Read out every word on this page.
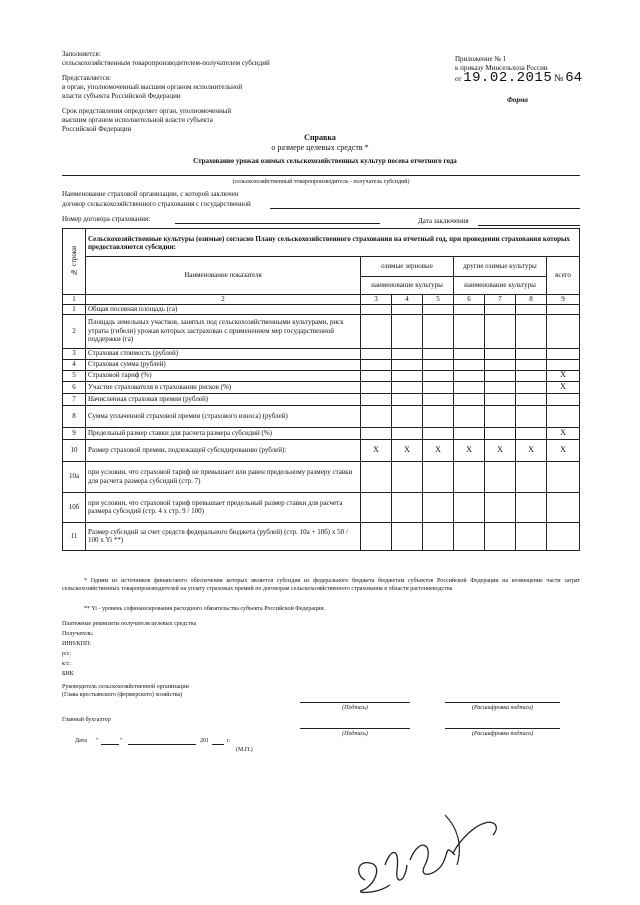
Заполняется:
сельскохозяйственным товаропроизводителем-получателем субсидий
Представляется:
в орган, уполномоченный высшим органом исполнительной
власти субъекта Российской Федерации
Срок представления определяет орган, уполномоченный
высшим органом исполнительной власти субъекта
Российской Федерации
Приложение № 1
к приказу Минсельхоза России
от 19.02.2015 № 64
Форма
Справка
о размере целевых средств *
Страхование урожая озимых сельскохозяйственных культур посева отчетного года
(сельскохозяйственный товаропроизводитель - получатель субсидий)
Наименование страховой организации, с которой заключен
договор сельскохозяйственного страхования с государственной
Номер договора страхования:	Дата заключения
№ строки	Сельскохозяйственные культуры (озимые) согласно Плану сельскохозяйственного страхования на отчетный год, при проведении страхования которых предоставляются субсидии:							
	Наименование показателя	озимые зерновые			другие озимые культуры			всего
		наименование культуры			наименование культуры			
1	2	3	4	5	6	7	8	9
1	Общая посевная площадь (га)							
2	Площадь земельных участков, занятых под сельскохозяйственными культурами, риск утраты (гибели) урожая которых застрахован с применением мер государственной поддержки (га)							
3	Страховая стоимость (рублей)							
4	Страховая сумма (рублей)							
5	Страховой тариф (%)							X
6	Участие страхователя в страховании рисков (%)							X
7	Начисленная страховая премия (рублей)							
8	Сумма уплаченной страховой премии (страхового взноса) (рублей)							
9	Предельный размер ставки для расчета размера субсидий (%)							X
10	Размер страховой премии, подлежащей субсидированию (рублей):	X	X	X	X	X	X	X
10а	при условии, что страховой тариф не превышает или равен предельному размеру ставки для расчета размера субсидий (стр. 7)							
10б	при условии, что страховой тариф превышает предельный размер ставки для расчета размера субсидий (стр. 4 х стр. 9 / 100)							
11	Размер субсидий за счет средств федерального бюджета (рублей) (стр. 10а + 10б) х 50 / 100 х Yi **)							
* Одним из источников финансового обеспечения которых является субсидия из федерального бюджета бюджетам субъектов Российской Федерации на возмещение части затрат сельскохозяйственных товаропроизводителей на уплату страховых премий по договорам сельскохозяйственного страхования в области растениеводства
** Yi - уровень софинансирования расходного обязательства субъекта Российской Федерации.
Платежные реквизиты получателя целевых средства
Получатель:
ИНН/КПП:
р/с:
к/с:
БИК
Руководитель сельскохозяйственной организации
(Глава крестьянского (фермерского) хозяйства)
(Подпись)	(Расшифровка подписи)
Главный бухгалтер
(Подпись)	(Расшифровка подписи)
Дата "	"	201	г.
(М.П.)
